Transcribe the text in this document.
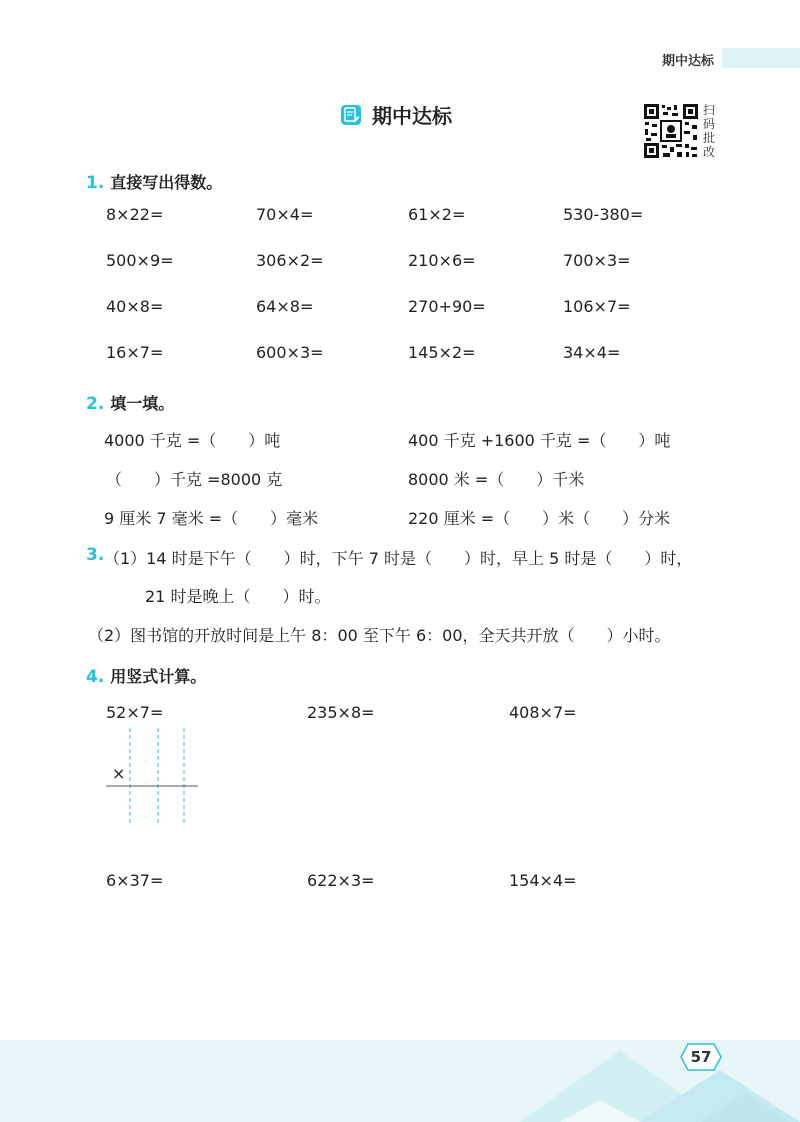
期中达标
期中达标	扫码批改
1. 直接写出得数。
8×22=	70×4=	61×2=	530-380=
500×9=	306×2=	210×6=	700×3=
40×8=	64×8=	270+90=	106×7=
16×7=	600×3=	145×2=	34×4=
2. 填一填。
4000 千克 =（　　）吨	400 千克 +1600 千克 =（　　）吨
（　　）千克 =8000 克	8000 米 =（　　）千米
9 厘米 7 毫米 =（　　）毫米	220 厘米 =（　　）米（　　）分米
3. （1）14 时是下午（　　）时，下午 7 时是（　　）时，早上 5 时是（　　）时，
21 时是晚上（　　）时。
（2）图书馆的开放时间是上午 8：00 至下午 6：00，全天共开放（　　）小时。
4. 用竖式计算。
52×7=	235×8=	408×7=
×
6×37=	622×3=	154×4=
57
